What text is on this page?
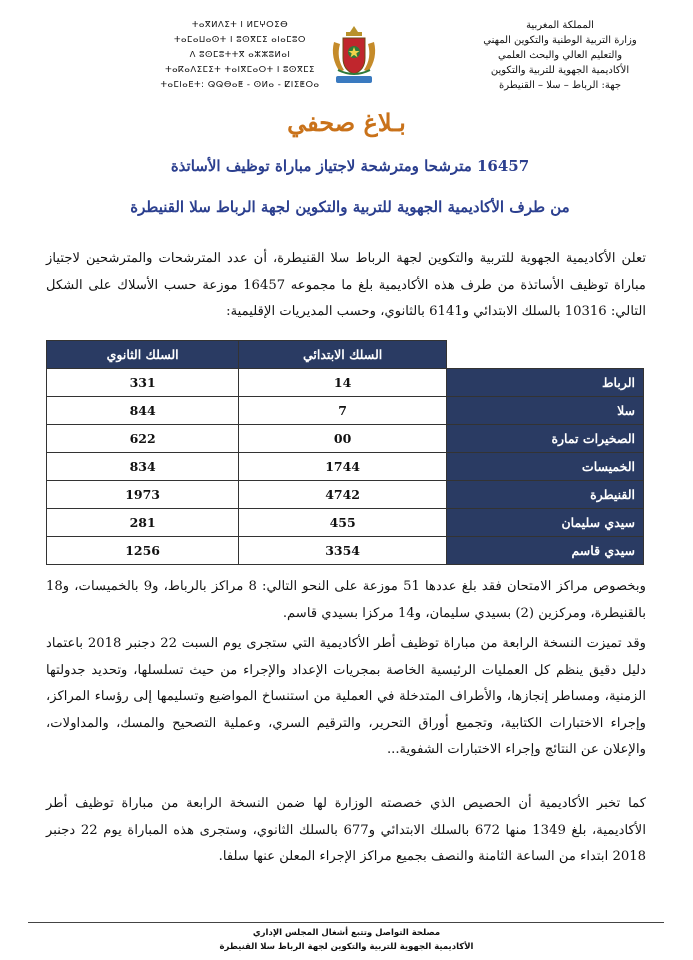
المملكة المغربية
وزارة التربية الوطنية والتكوين المهني
والتعليم العالي والبحث العلمي
الأكاديمية الجهوية للتربية والتكوين
جهة: الرباط – سلا – القنيطرة
ⵜⴰⴳⵍⴷⵉⵜ ⵏ ⵍⵎⵖⵔⵉⴱ
ⵜⴰⵎⴰⵡⴰⵙⵜ ⵏ ⵓⵙⴳⵎⵉ ⴰⵏⴰⵎⵓⵔ
ⴷ ⵓⵙⵎⵓⵜⵜⴳ ⴰⵣⵣⵓⵍⴰⵏ
ⵜⴰⴽⴰⴷⵉⵎⵉⵜ ⵜⴰⵏⴳⵎⴰⵔⵜ ⵏ ⵓⵙⴳⵎⵉ
ⵜⴰⵎⵏⴰⴹⵜ: ⵕⵕⴱⴰⵟ - ⵙⵍⴰ - ⵇⵏⵉⵟⵔⴰ
بـلاغ صحفي
16457 مترشحا ومترشحة لاجتياز مباراة توظيف الأساتذة
من طرف الأكاديمية الجهوية للتربية والتكوين لجهة الرباط سلا القنيطرة

تعلن الأكاديمية الجهوية للتربية والتكوين لجهة الرباط سلا القنيطرة، أن عدد المترشحات والمترشحين لاجتياز مباراة توظيف الأساتذة من طرف هذه الأكاديمية بلغ ما مجموعه 16457 موزعة حسب الأسلاك على الشكل التالي: 10316 بالسلك الابتدائي و6141 بالثانوي، وحسب المديريات الإقليمية:

	السلك الابتدائي	السلك الثانوي
الرباط	14	331
سلا	7	844
الصخيرات تمارة	00	622
الخميسات	1744	834
القنيطرة	4742	1973
سيدي سليمان	455	281
سيدي قاسم	3354	1256

وبخصوص مراكز الامتحان فقد بلغ عددها 51 موزعة على النحو التالي: 8 مراكز بالرباط، و9 بالخميسات، و18 بالقنيطرة، ومركزين (2) بسيدي سليمان، و14 مركزا بسيدي قاسم.

وقد تميزت النسخة الرابعة من مباراة توظيف أطر الأكاديمية التي ستجرى يوم السبت 22 دجنبر 2018 باعتماد دليل دقيق ينظم كل العمليات الرئيسية الخاصة بمجريات الإعداد والإجراء من حيث تسلسلها، وتحديد جدولتها الزمنية، ومساطر إنجازها، والأطراف المتدخلة في العملية من استنساخ المواضيع وتسليمها إلى رؤساء المراكز، وإجراء الاختبارات الكتابية، وتجميع أوراق التحرير، والترقيم السري، وعملية التصحيح والمسك، والمداولات، والإعلان عن النتائج وإجراء الاختبارات الشفوية...

كما تخبر الأكاديمية أن الحصيص الذي خصصته الوزارة لها ضمن النسخة الرابعة من مباراة توظيف أطر الأكاديمية، بلغ 1349 منها 672 بالسلك الابتدائي و677 بالسلك الثانوي، وستجرى هذه المباراة يوم 22 دجنبر 2018 ابتداء من الساعة الثامنة والنصف بجميع مراكز الإجراء المعلن عنها سلفا.

مصلحة التواصل وتتبع أشغال المجلس الإداري
الأكاديمية الجهوية للتربية والتكوين لجهة الرباط سلا القنيطرة
